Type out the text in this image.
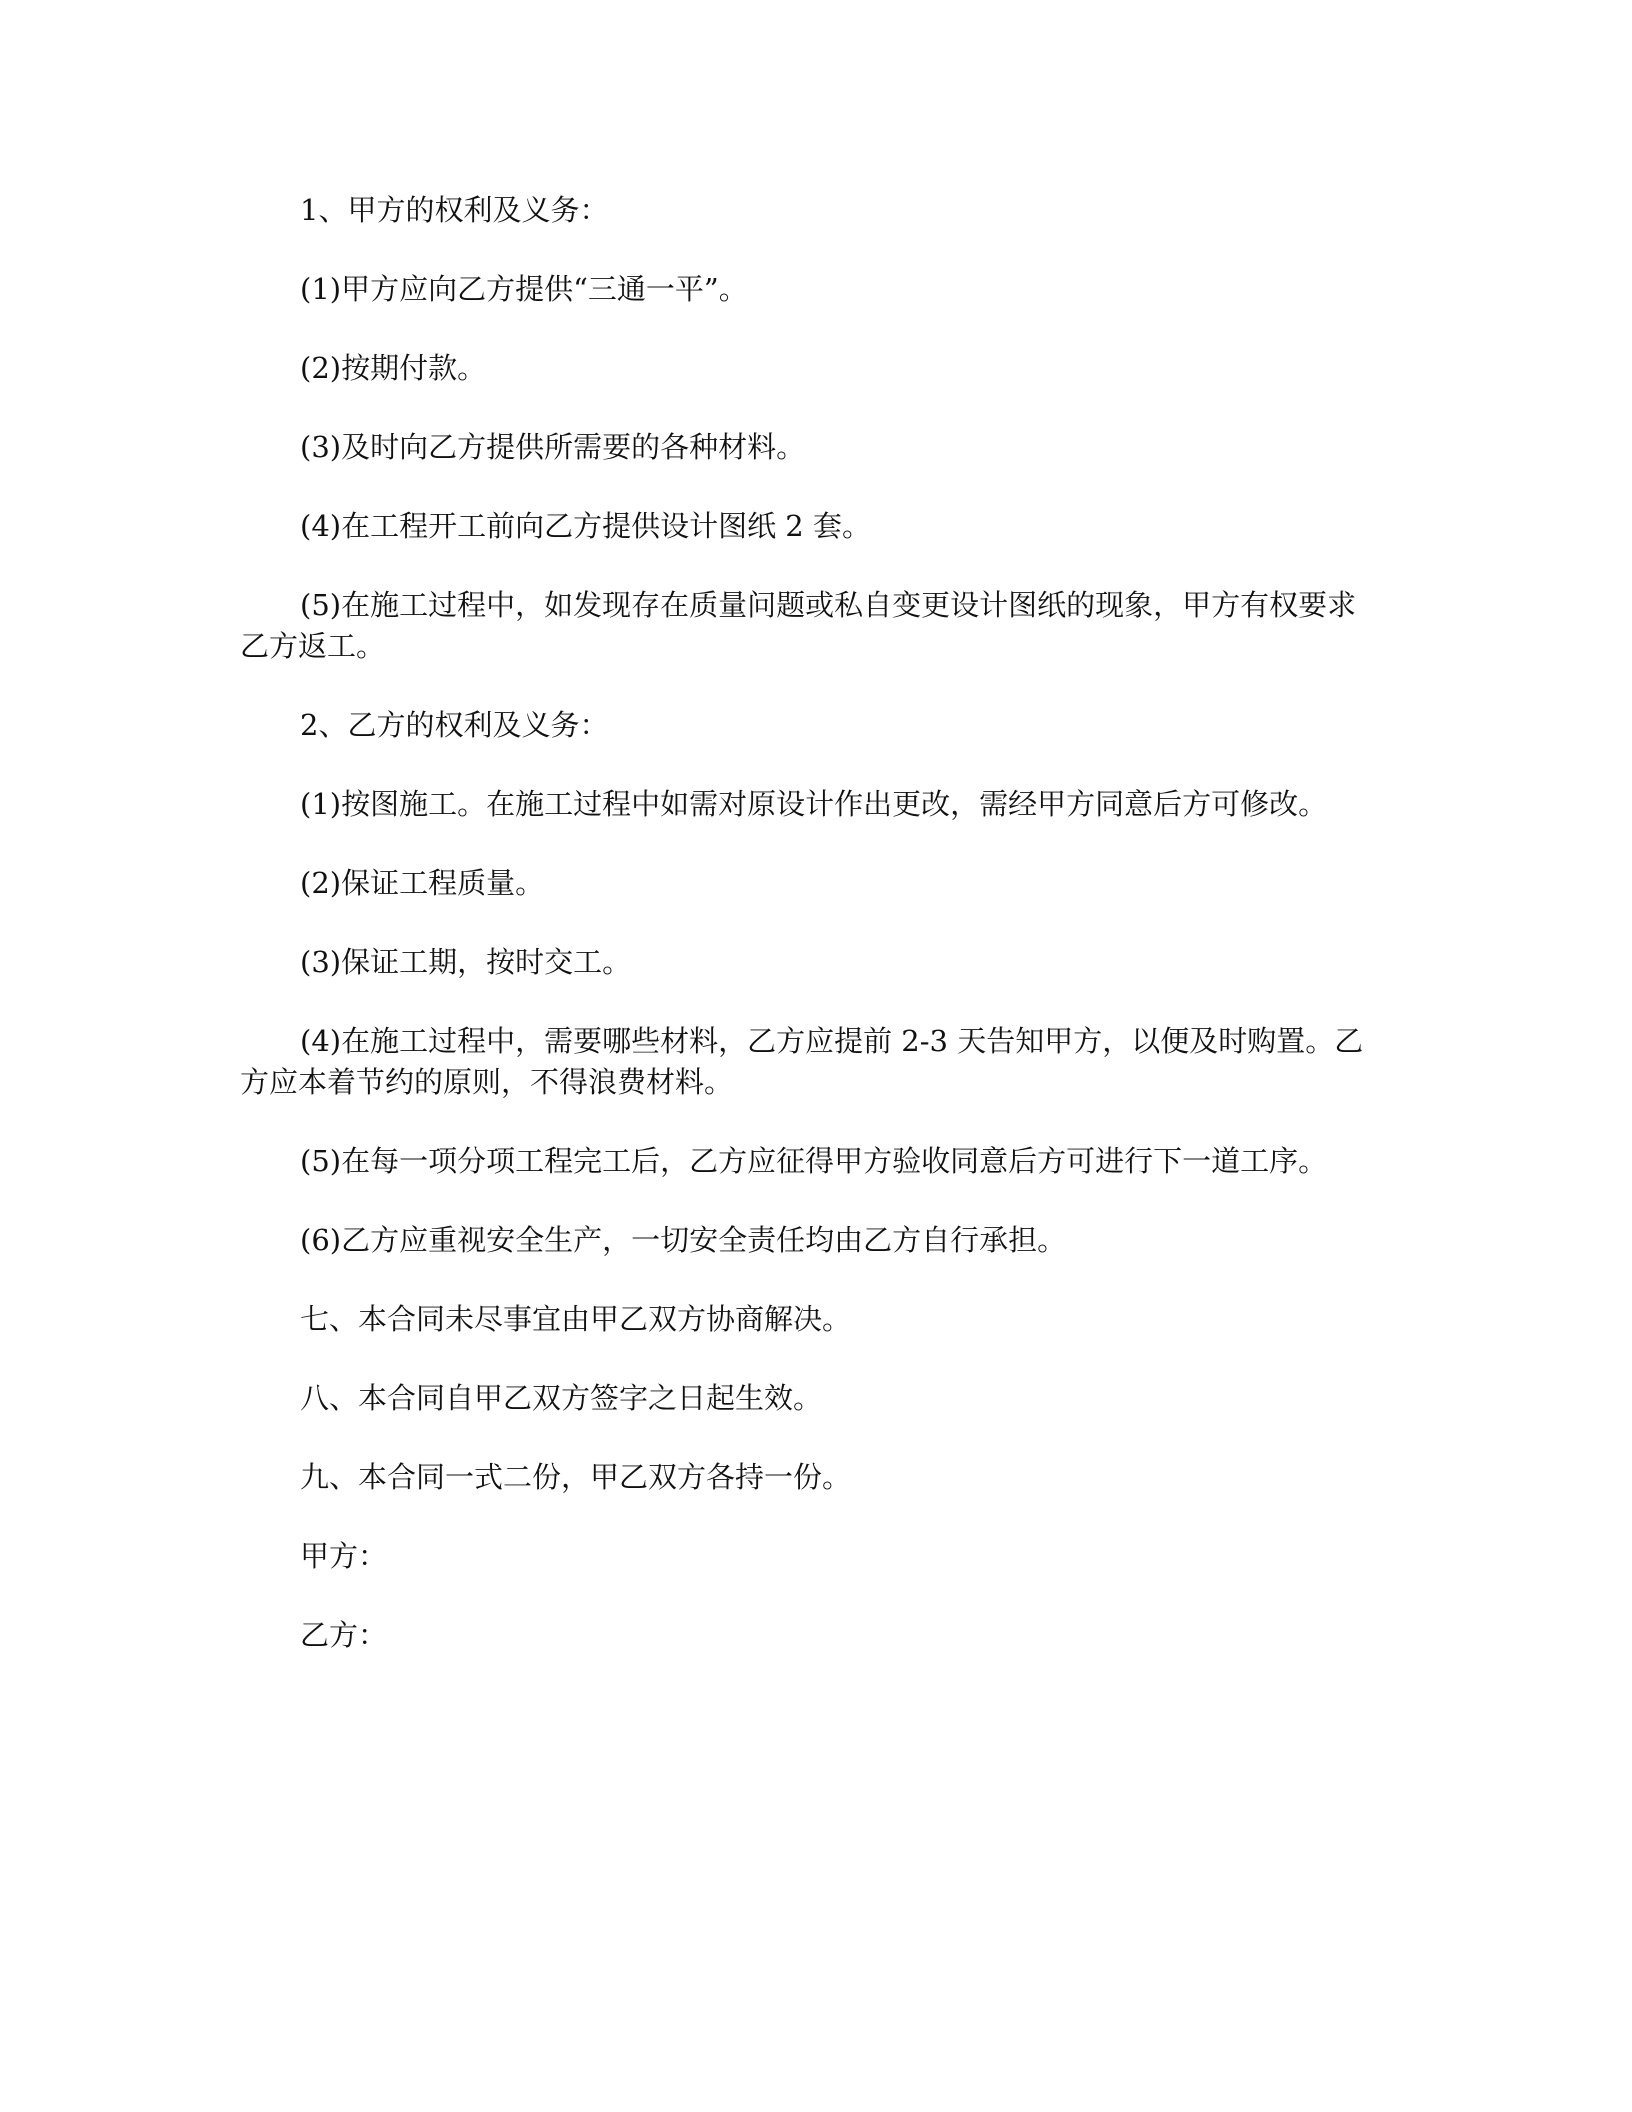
1、甲方的权利及义务：

(1)甲方应向乙方提供“三通一平”。

(2)按期付款。

(3)及时向乙方提供所需要的各种材料。

(4)在工程开工前向乙方提供设计图纸 2 套。

(5)在施工过程中，如发现存在质量问题或私自变更设计图纸的现象，甲方有权要求乙方返工。

2、乙方的权利及义务：

(1)按图施工。在施工过程中如需对原设计作出更改，需经甲方同意后方可修改。

(2)保证工程质量。

(3)保证工期，按时交工。

(4)在施工过程中，需要哪些材料，乙方应提前 2-3 天告知甲方，以便及时购置。乙方应本着节约的原则，不得浪费材料。

(5)在每一项分项工程完工后，乙方应征得甲方验收同意后方可进行下一道工序。

(6)乙方应重视安全生产，一切安全责任均由乙方自行承担。

七、本合同未尽事宜由甲乙双方协商解决。

八、本合同自甲乙双方签字之日起生效。

九、本合同一式二份，甲乙双方各持一份。

甲方：

乙方：
